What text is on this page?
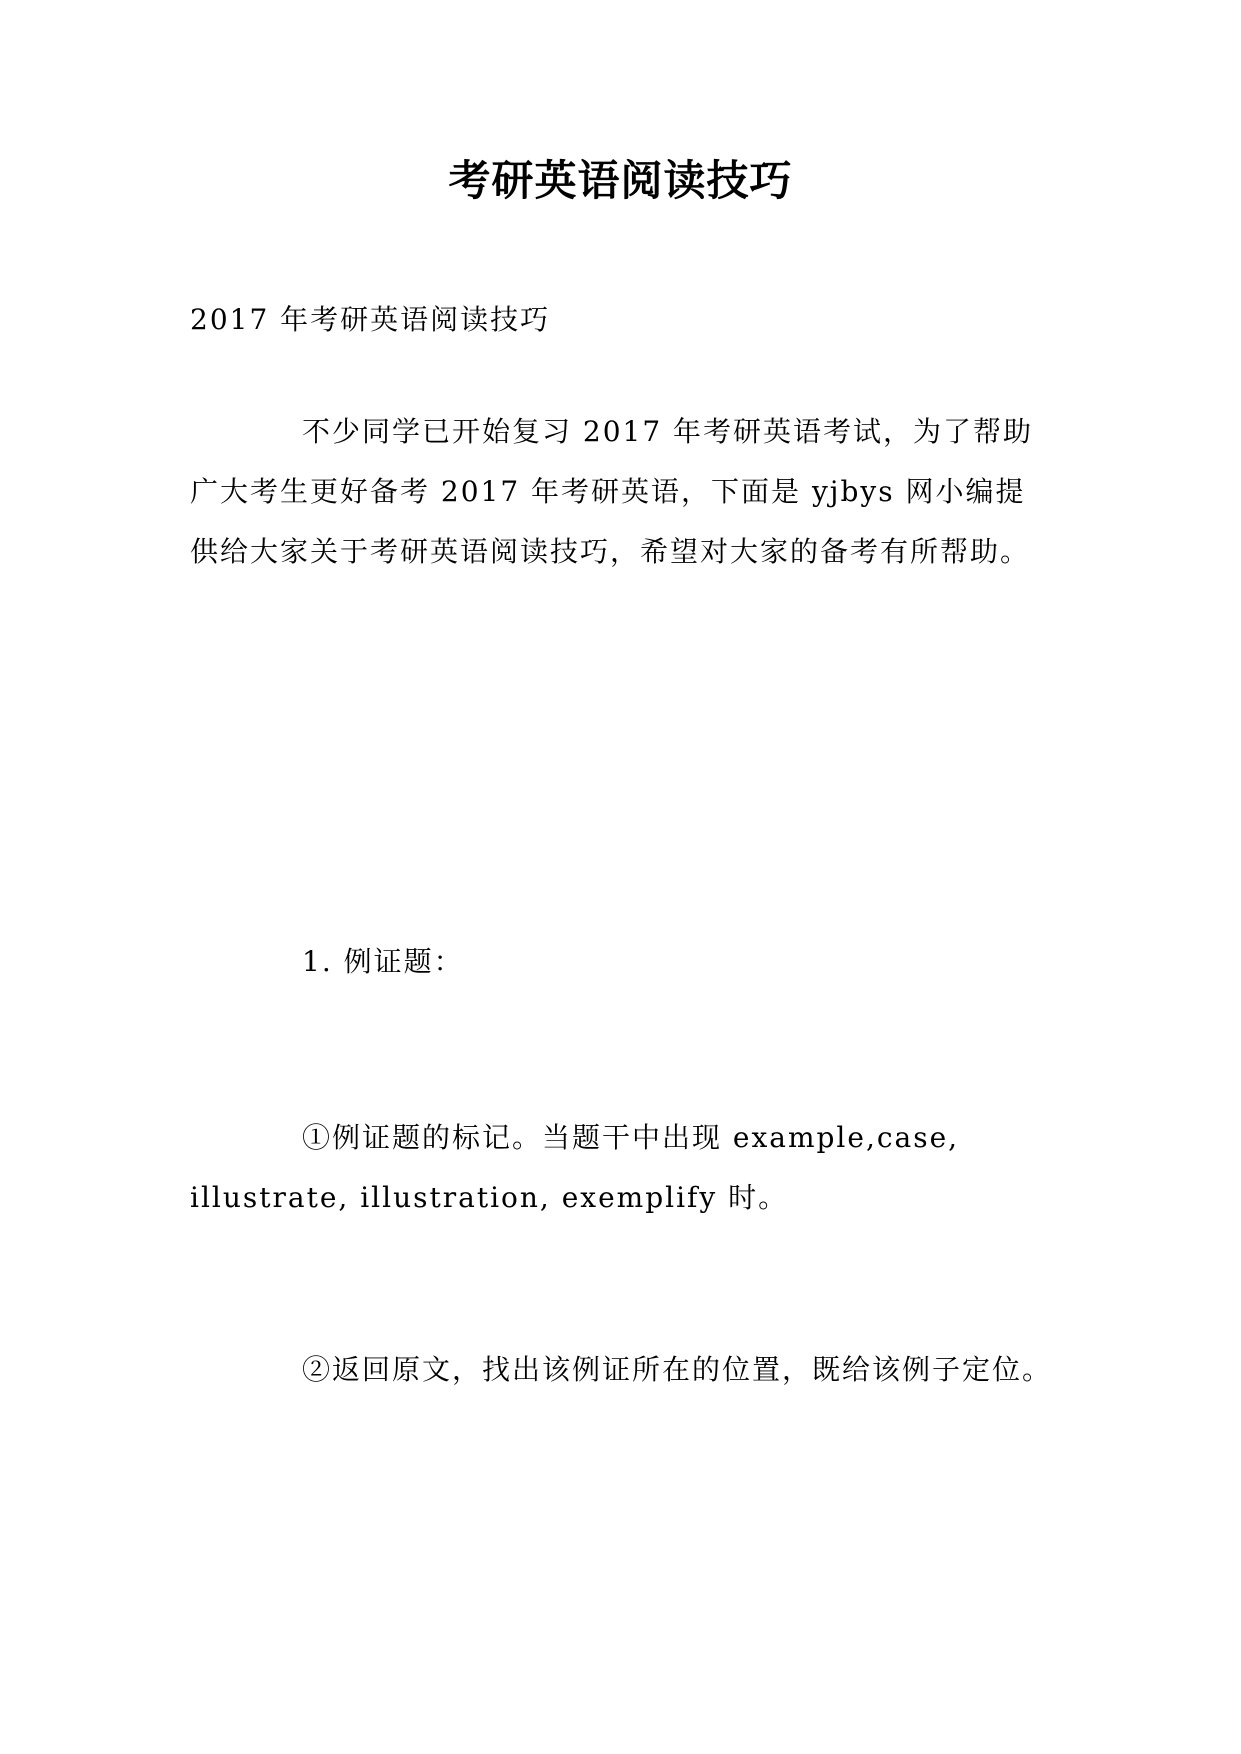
考研英语阅读技巧
2017 年考研英语阅读技巧
不少同学已开始复习 2017 年考研英语考试，为了帮助广大考生更好备考 2017 年考研英语，下面是 yjbys 网小编提供给大家关于考研英语阅读技巧，希望对大家的备考有所帮助。
1. 例证题：
①例证题的标记。当题干中出现 example,case, illustrate, illustration, exemplify 时。
②返回原文，找出该例证所在的位置，既给该例子定位。
